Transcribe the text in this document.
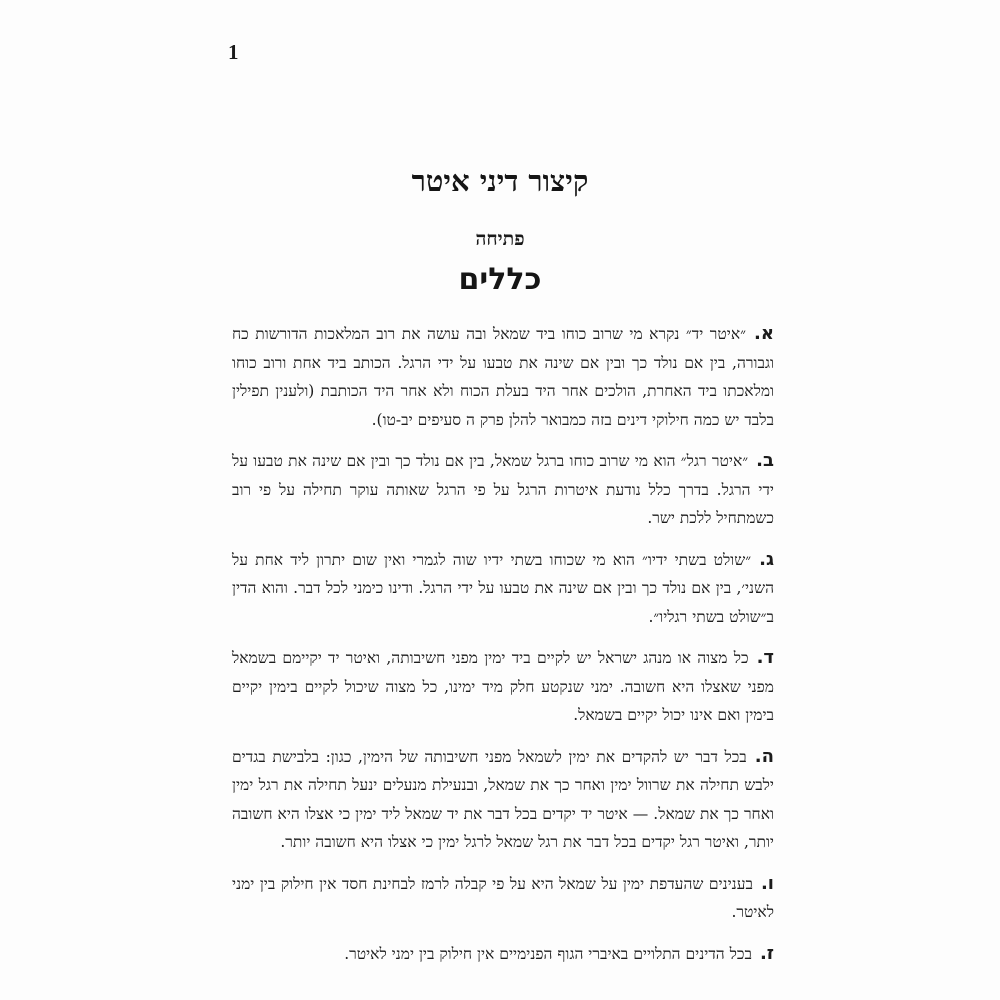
1
קיצור דיני איטר
פתיחה
כללים

א.״איטר יד״ נקרא מי שרוב כוחו ביד שמאל ובה עושה את רוב המלאכות הדורשות כח וגבורה, בין אם נולד כך ובין אם שינה את טבעו על ידי הרגל. הכותב ביד אחת ורוב כוחו ומלאכתו ביד האחרת, הולכים אחר היד בעלת הכוח ולא אחר היד הכותבת (ולענין תפילין בלבד יש כמה חילוקי דינים בזה כמבואר להלן פרק ה סעיפים יב-טו).

ב.״איטר רגל״ הוא מי שרוב כוחו ברגל שמאל, בין אם נולד כך ובין אם שינה את טבעו על ידי הרגל. בדרך כלל נודעת איטרות הרגל על פי הרגל שאותה עוקר תחילה על פי רוב כשמתחיל ללכת ישר.

ג.״שולט בשתי ידיו״ הוא מי שכוחו בשתי ידיו שוה לגמרי ואין שום יתרון ליד אחת על השני׳, בין אם נולד כך ובין אם שינה את טבעו על ידי הרגל. ודינו כימני לכל דבר. והוא הדין ב״שולט בשתי רגליו״.

ד.כל מצוה או מנהג ישראל יש לקיים ביד ימין מפני חשיבותה, ואיטר יד יקיימם בשמאל מפני שאצלו היא חשובה. ימני שנקטע חלק מיד ימינו, כל מצוה שיכול לקיים בימין יקיים בימין ואם אינו יכול יקיים בשמאל.

ה.בכל דבר יש להקדים את ימין לשמאל מפני חשיבותה של הימין, כגון: בלבישת בגדים ילבש תחילה את שרוול ימין ואחר כך את שמאל, ובנעילת מנעלים ינעל תחילה את רגל ימין ואחר כך את שמאל. — איטר יד יקדים בכל דבר את יד שמאל ליד ימין כי אצלו היא חשובה יותר, ואיטר רגל יקדים בכל דבר את רגל שמאל לרגל ימין כי אצלו היא חשובה יותר.

ו.בענינים שהעדפת ימין על שמאל היא על פי קבלה לרמז לבחינת חסד אין חילוק בין ימני לאיטר.

ז.בכל הדינים התלויים באיברי הגוף הפנימיים אין חילוק בין ימני לאיטר.
